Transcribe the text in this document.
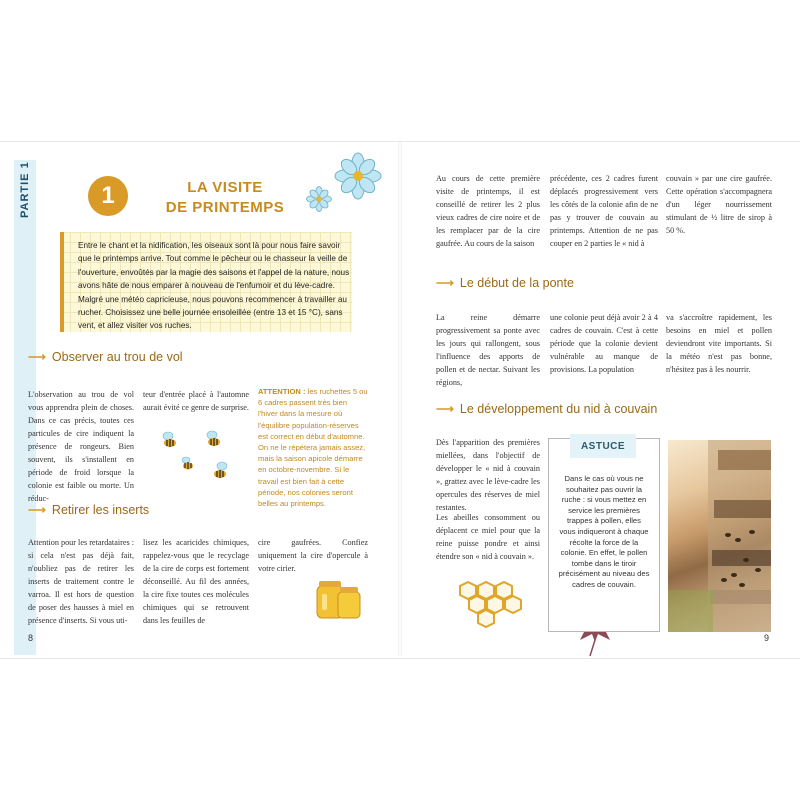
PARTIE 1	1	LA VISITE
DE PRINTEMPS

Entre le chant et la nidification, les oiseaux sont là pour nous faire savoir que le printemps arrive. Tout comme le pêcheur ou le chasseur la veille de l'ouverture, envoûtés par la magie des saisons et l'appel de la nature, nous avons hâte de nous emparer à nouveau de l'enfumoir et du lève-cadre. Malgré une météo capricieuse, nous pouvons recommencer à travailler au rucher. Choisissez une belle journée ensoleillée (entre 13 et 15 °C), sans vent, et allez visiter vos ruches.

⟶ Observer au trou de vol

L'observation au trou de vol vous apprendra plein de choses. Dans ce cas précis, toutes ces particules de cire indiquent la présence de rongeurs. Bien souvent, ils s'installent en période de froid lorsque la colonie est faible ou morte. Un réduc-

teur d'entrée placé à l'automne aurait évité ce genre de surprise.

ATTENTION : les ruchettes 5 ou 6 cadres passent très bien l'hiver dans la mesure où l'équilibre population-réserves est correct en début d'automne. On ne le répétera jamais assez, mais la saison apicole démarre en octobre-novembre. Si le travail est bien fait à cette période, nos colonies seront belles au printemps.

⟶ Retirer les inserts

Attention pour les retardataires : si cela n'est pas déjà fait, n'oubliez pas de retirer les inserts de traitement contre le varroa. Il est hors de question de poser des hausses à miel en présence d'inserts. Si vous uti-

lisez les acaricides chimiques, rappelez-vous que le recyclage de la cire de corps est fortement déconseillé. Au fil des années, la cire fixe toutes ces molécules chimiques qui se retrouvent dans les feuilles de

cire gaufrées. Confiez uniquement la cire d'opercule à votre cirier.

8

Au cours de cette première visite de printemps, il est conseillé de retirer les 2 plus vieux cadres de cire noire et de les remplacer par de la cire gaufrée. Au cours de la saison

précédente, ces 2 cadres furent déplacés progressivement vers les côtés de la colonie afin de ne pas y trouver de couvain au printemps. Attention de ne pas couper en 2 parties le « nid à

couvain » par une cire gaufrée. Cette opération s'accompagnera d'un léger nourrissement stimulant de ½ litre de sirop à 50 %.

⟶ Le début de la ponte

La reine démarre progressivement sa ponte avec les jours qui rallongent, sous l'influence des apports de pollen et de nectar. Suivant les régions,

une colonie peut déjà avoir 2 à 4 cadres de couvain. C'est à cette période que la colonie devient vulnérable au manque de provisions. La population

va s'accroître rapidement, les besoins en miel et pollen deviendront vite importants. Si la météo n'est pas bonne, n'hésitez pas à les nourrir.

⟶ Le développement du nid à couvain

Dès l'apparition des premières miellées, dans l'objectif de développer le « nid à couvain », grattez avec le lève-cadre les opercules des réserves de miel restantes.

Les abeilles consomment ou déplacent ce miel pour que la reine puisse pondre et ainsi étendre son « nid à couvain ».

ASTUCE

Dans le cas où vous ne souhaitez pas ouvrir la ruche : si vous mettez en service les premières trappes à pollen, elles vous indiqueront à chaque récolte la force de la colonie. En effet, le pollen tombe dans le tiroir précisément au niveau des cadres de couvain.

9
